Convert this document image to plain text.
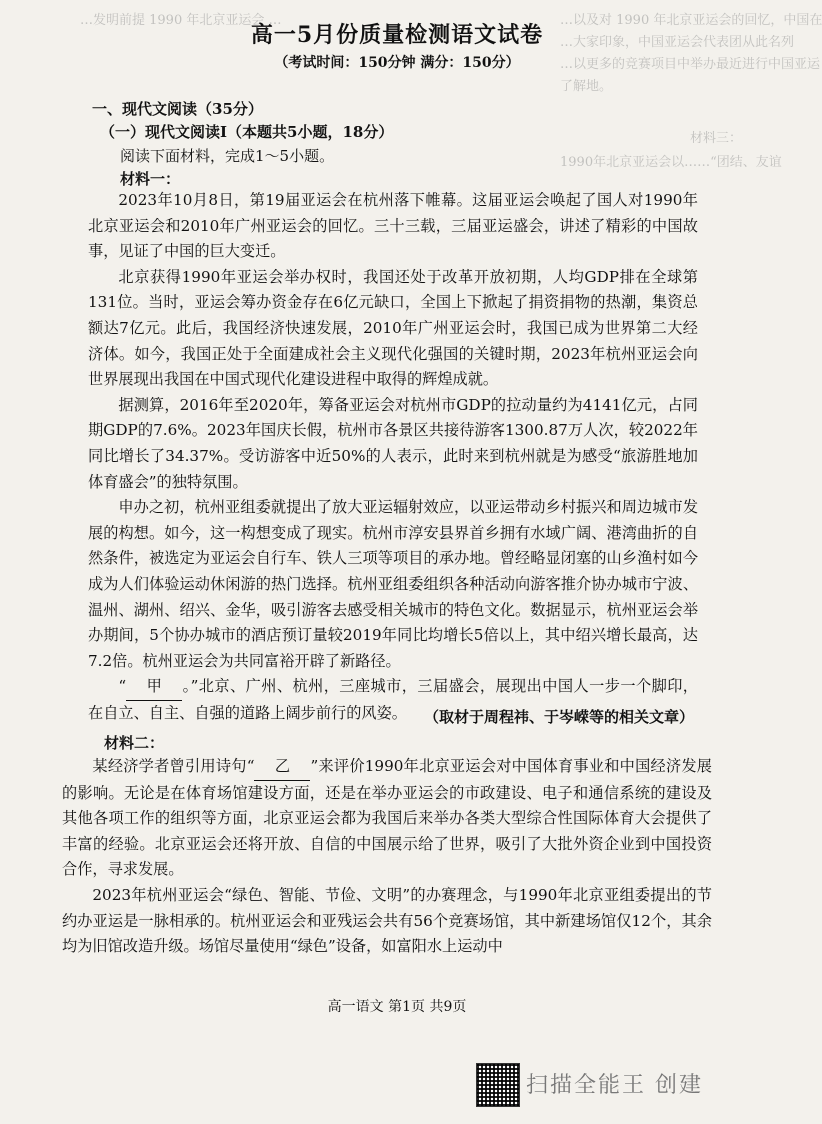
…发明前提 1990 年北京亚运会 …	…以及对 1990 年北京亚运会的回忆，中国在
…大家印象，中国亚运会代表团从此名列
…以更多的竞赛项目中举办最近进行中国亚运
了解地。
材料三：
1990年北京亚运会以……“团结、友谊
高一5月份质量检测语文试卷
（考试时间：150分钟 满分：150分）
一、现代文阅读（35分）
（一）现代文阅读Ⅰ（本题共5小题，18分）
阅读下面材料，完成1～5小题。
材料一：

2023年10月8日，第19届亚运会在杭州落下帷幕。这届亚运会唤起了国人对1990年北京亚运会和2010年广州亚运会的回忆。三十三载，三届亚运盛会，讲述了精彩的中国故事，见证了中国的巨大变迁。

北京获得1990年亚运会举办权时，我国还处于改革开放初期，人均GDP排在全球第131位。当时，亚运会筹办资金存在6亿元缺口，全国上下掀起了捐资捐物的热潮，集资总额达7亿元。此后，我国经济快速发展，2010年广州亚运会时，我国已成为世界第二大经济体。如今，我国正处于全面建成社会主义现代化强国的关键时期，2023年杭州亚运会向世界展现出我国在中国式现代化建设进程中取得的辉煌成就。

据测算，2016年至2020年，筹备亚运会对杭州市GDP的拉动量约为4141亿元，占同期GDP的7.6%。2023年国庆长假，杭州市各景区共接待游客1300.87万人次，较2022年同比增长了34.37%。受访游客中近50%的人表示，此时来到杭州就是为感受“旅游胜地加体育盛会”的独特氛围。

申办之初，杭州亚组委就提出了放大亚运辐射效应，以亚运带动乡村振兴和周边城市发展的构想。如今，这一构想变成了现实。杭州市淳安县界首乡拥有水域广阔、港湾曲折的自然条件，被选定为亚运会自行车、铁人三项等项目的承办地。曾经略显闭塞的山乡渔村如今成为人们体验运动休闲游的热门选择。杭州亚组委组织各种活动向游客推介协办城市宁波、温州、湖州、绍兴、金华，吸引游客去感受相关城市的特色文化。数据显示，杭州亚运会举办期间，5个协办城市的酒店预订量较2019年同比均增长5倍以上，其中绍兴增长最高，达7.2倍。杭州亚运会为共同富裕开辟了新路径。

“ 甲 。”北京、广州、杭州，三座城市，三届盛会，展现出中国人一步一个脚印，在自立、自主、自强的道路上阔步前行的风姿。	（取材于周程祎、于岑嵘等的相关文章）
材料二：

某经济学者曾引用诗句“ 乙 ”来评价1990年北京亚运会对中国体育事业和中国经济发展的影响。无论是在体育场馆建设方面，还是在举办亚运会的市政建设、电子和通信系统的建设及其他各项工作的组织等方面，北京亚运会都为我国后来举办各类大型综合性国际体育大会提供了丰富的经验。北京亚运会还将开放、自信的中国展示给了世界，吸引了大批外资企业到中国投资合作，寻求发展。

2023年杭州亚运会“绿色、智能、节俭、文明”的办赛理念，与1990年北京亚组委提出的节约办亚运是一脉相承的。杭州亚运会和亚残运会共有56个竞赛场馆，其中新建场馆仅12个，其余均为旧馆改造升级。场馆尽量使用“绿色”设备，如富阳水上运动中

高一语文 第1页 共9页
扫描全能王 创建
